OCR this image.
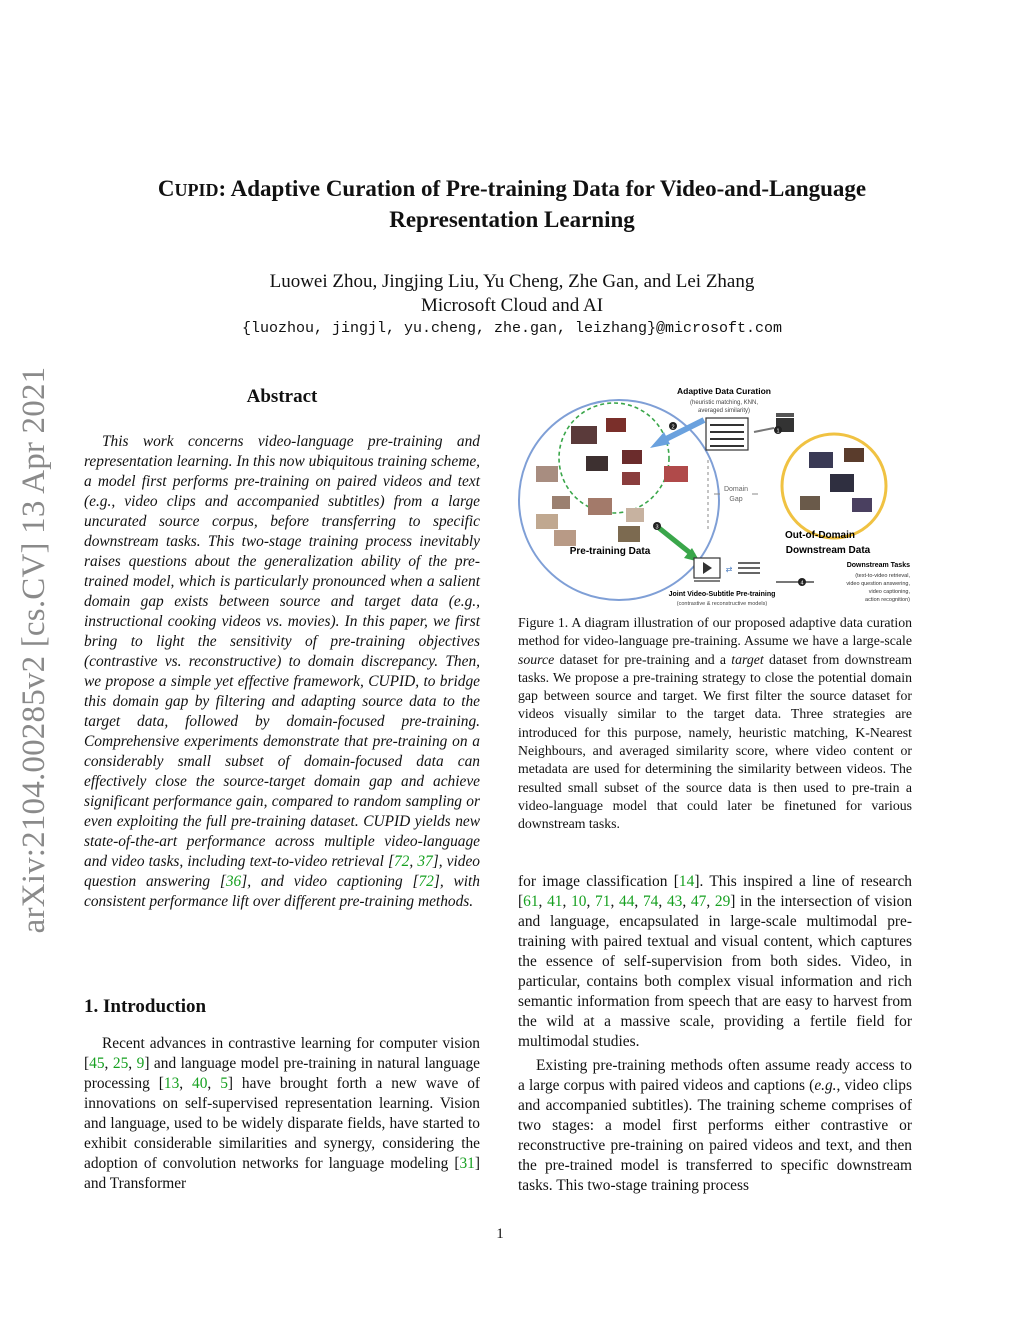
arXiv:2104.00285v2 [cs.CV] 13 Apr 2021
CUPID: Adaptive Curation of Pre-training Data for Video-and-Language
Representation Learning
Luowei Zhou, Jingjing Liu, Yu Cheng, Zhe Gan, and Lei Zhang
Microsoft Cloud and AI
{luozhou, jingjl, yu.cheng, zhe.gan, leizhang}@microsoft.com
Abstract
This work concerns video-language pre-training and representation learning. In this now ubiquitous training scheme, a model first performs pre-training on paired videos and text (e.g., video clips and accompanied subtitles) from a large uncurated source corpus, before transferring to specific downstream tasks. This two-stage training process inevitably raises questions about the generalization ability of the pre-trained model, which is particularly pronounced when a salient domain gap exists between source and target data (e.g., instructional cooking videos vs. movies). In this paper, we first bring to light the sensitivity of pre-training objectives (contrastive vs. reconstructive) to domain discrepancy. Then, we propose a simple yet effective framework, CUPID, to bridge this domain gap by filtering and adapting source data to the target data, followed by domain-focused pre-training. Comprehensive experiments demonstrate that pre-training on a considerably small subset of domain-focused data can effectively close the source-target domain gap and achieve significant performance gain, compared to random sampling or even exploiting the full pre-training dataset. CUPID yields new state-of-the-art performance across multiple video-language and video tasks, including text-to-video retrieval [72, 37], video question answering [36], and video captioning [72], with consistent performance lift over different pre-training methods.
1. Introduction
Recent advances in contrastive learning for computer vision [45, 25, 9] and language model pre-training in natural language processing [13, 40, 5] have brought forth a new wave of innovations on self-supervised representation learning. Vision and language, used to be widely disparate fields, have started to exhibit considerable similarities and synergy, considering the adoption of convolution networks for language modeling [31] and Transformer
Adaptive Data Curation
(heuristic matching, KNN,
averaged similarity)
Domain
Gap
2
1
3
Pre-training Data
Out-of-Domain
Downstream Data
⇄
Joint Video-Subtitle Pre-training
(contrastive & reconstructive models)
4
Downstream Tasks
(text-to-video retrieval,
video question answering,
video captioning,
action recognition)
Figure 1. A diagram illustration of our proposed adaptive data curation method for video-language pre-training. Assume we have a large-scale source dataset for pre-training and a target dataset from downstream tasks. We propose a pre-training strategy to close the potential domain gap between source and target. We first filter the source dataset for videos visually similar to the target data. Three strategies are introduced for this purpose, namely, heuristic matching, K-Nearest Neighbours, and averaged similarity score, where video content or metadata are used for determining the similarity between videos. The resulted small subset of the source data is then used to pre-train a video-language model that could later be finetuned for various downstream tasks.
for image classification [14]. This inspired a line of research [61, 41, 10, 71, 44, 74, 43, 47, 29] in the intersection of vision and language, encapsulated in large-scale multimodal pre-training with paired textual and visual content, which captures the essence of self-supervision from both sides. Video, in particular, contains both complex visual information and rich semantic information from speech that are easy to harvest from the wild at a massive scale, providing a fertile field for multimodal studies.
Existing pre-training methods often assume ready access to a large corpus with paired videos and captions (e.g., video clips and accompanied subtitles). The training scheme comprises of two stages: a model first performs either contrastive or reconstructive pre-training on paired videos and text, and then the pre-trained model is transferred to specific downstream tasks. This two-stage training process
1
